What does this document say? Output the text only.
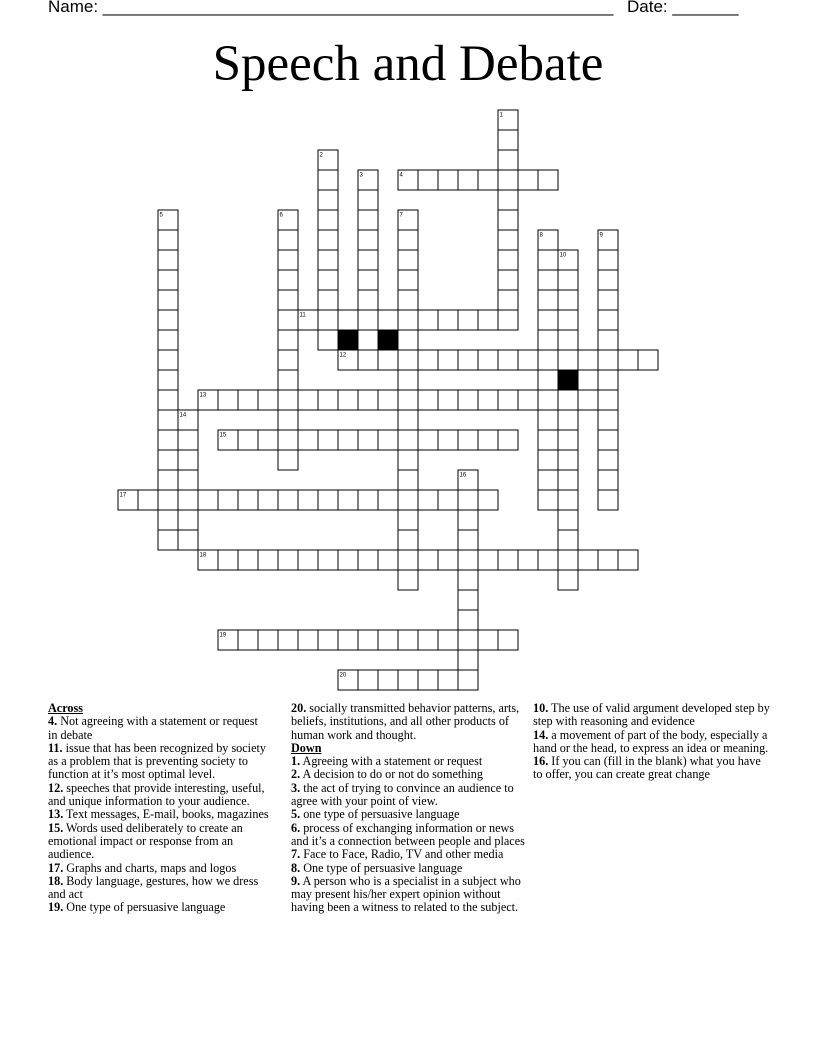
Name: ______________________________________________________ Date: _______
Speech and Debate
1
2
3	4
5	6	7
8	9
10
11
12
13
14
15
16
17
18
19
20

Across

4. Not agreeing with a statement or request in debate

11. issue that has been recognized by society as a problem that is preventing society to function at it’s most optimal level.

12. speeches that provide interesting, useful, and unique information to your audience.

13. Text messages, E-mail, books, magazines

15. Words used deliberately to create an emotional impact or response from an audience.

17. Graphs and charts, maps and logos

18. Body language, gestures, how we dress and act

19. One type of persuasive language

20. socially transmitted behavior patterns, arts, beliefs, institutions, and all other products of human work and thought.

Down

1. Agreeing with a statement or request

2. A decision to do or not do something

3. the act of trying to convince an audience to agree with your point of view.

5. one type of persuasive language

6. process of exchanging information or news and it’s a connection between people and places

7. Face to Face, Radio, TV and other media

8. One type of persuasive language

9. A person who is a specialist in a subject who may present his/her expert opinion without having been a witness to related to the subject.

10. The use of valid argument developed step by step with reasoning and evidence

14. a movement of part of the body, especially a hand or the head, to express an idea or meaning.

16. If you can (fill in the blank) what you have to offer, you can create great change
